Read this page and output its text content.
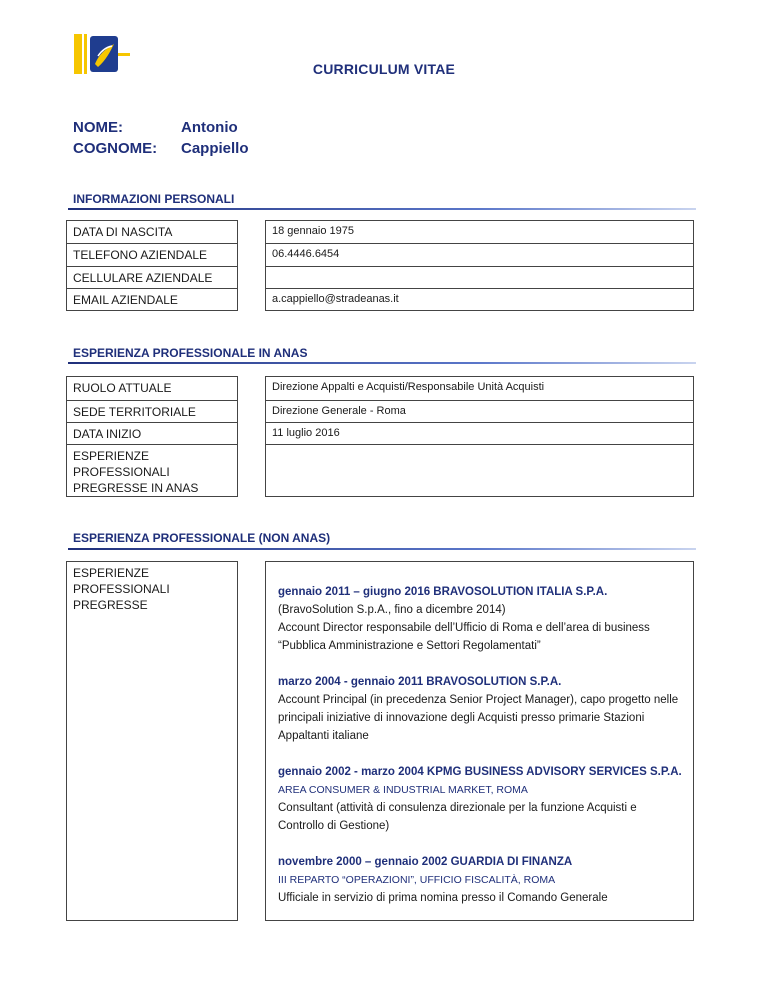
CURRICULUM VITAE
NOME:	Antonio
COGNOME: Cappiello
INFORMAZIONI PERSONALI
DATA DI NASCITA
TELEFONO AZIENDALE
CELLULARE AZIENDALE
EMAIL AZIENDALE
18 gennaio 1975
06.4446.6454
a.cappiello@stradeanas.it
ESPERIENZA PROFESSIONALE IN ANAS
RUOLO ATTUALE
SEDE TERRITORIALE
DATA INIZIO
ESPERIENZE PROFESSIONALI PREGRESSE IN ANAS
Direzione Appalti e Acquisti/Responsabile Unità Acquisti
Direzione Generale - Roma
11 luglio 2016
ESPERIENZA PROFESSIONALE (NON ANAS)
ESPERIENZE PROFESSIONALI PREGRESSE
gennaio 2011 – giugno 2016 BRAVOSOLUTION ITALIA S.P.A.
(BravoSolution S.p.A., fino a dicembre 2014)
Account Director responsabile dell’Ufficio di Roma e dell’area di business “Pubblica Amministrazione e Settori Regolamentati”
marzo 2004 - gennaio 2011 BRAVOSOLUTION S.P.A.
Account Principal (in precedenza Senior Project Manager), capo progetto nelle principali iniziative di innovazione degli Acquisti presso primarie Stazioni Appaltanti italiane
gennaio 2002 - marzo 2004 KPMG BUSINESS ADVISORY SERVICES S.P.A.
AREA CONSUMER & INDUSTRIAL MARKET, ROMA
Consultant (attività di consulenza direzionale per la funzione Acquisti e Controllo di Gestione)
novembre 2000 – gennaio 2002 GUARDIA DI FINANZA
III REPARTO “OPERAZIONI”, UFFICIO FISCALITÀ, ROMA
Ufficiale in servizio di prima nomina presso il Comando Generale
